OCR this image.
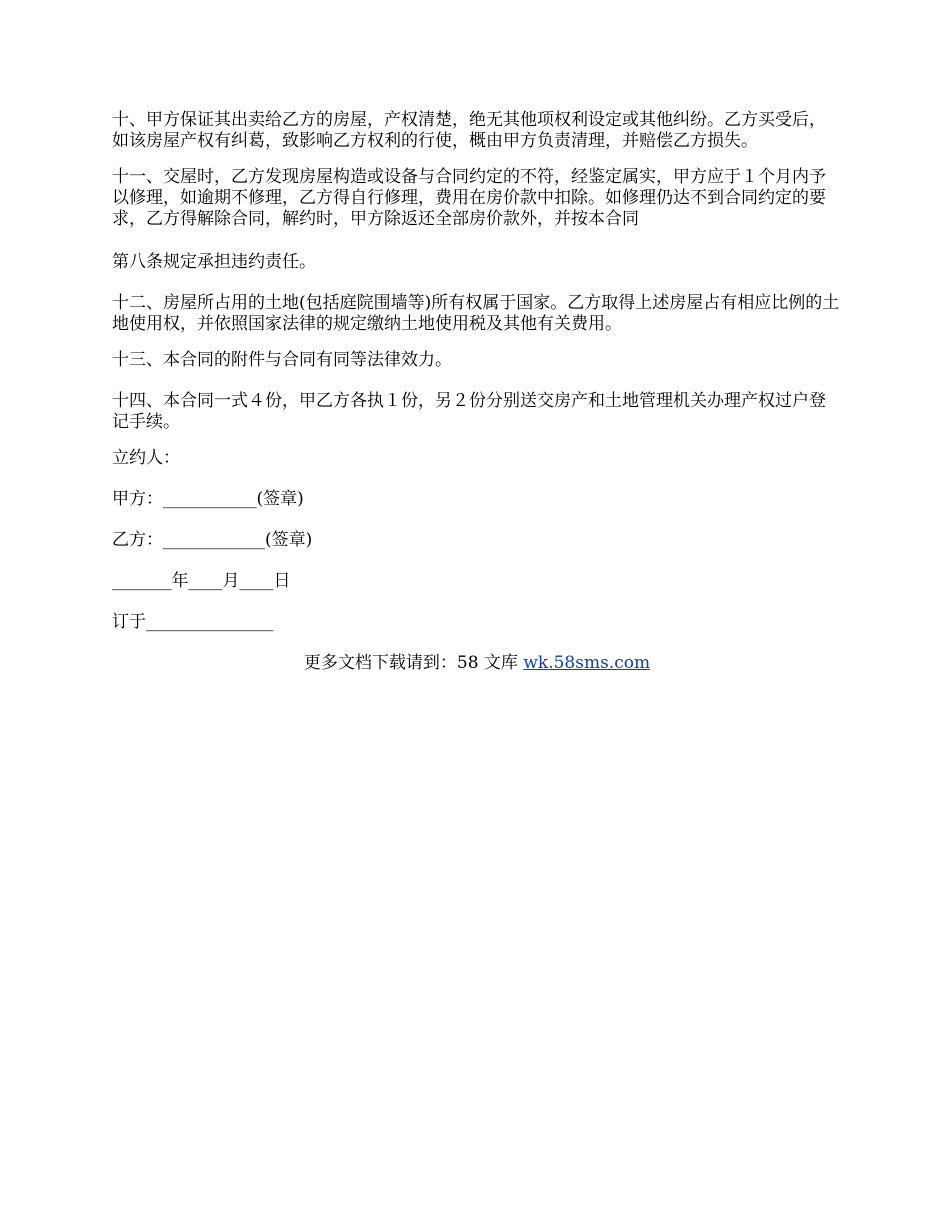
十、甲方保证其出卖给乙方的房屋，产权清楚，绝无其他项权利设定或其他纠纷。乙方买受后，如该房屋产权有纠葛，致影响乙方权利的行使，概由甲方负责清理，并赔偿乙方损失。

十一、交屋时，乙方发现房屋构造或设备与合同约定的不符，经鉴定属实，甲方应于１个月内予以修理，如逾期不修理，乙方得自行修理，费用在房价款中扣除。如修理仍达不到合同约定的要求，乙方得解除合同，解约时，甲方除返还全部房价款外，并按本合同

第八条规定承担违约责任。

十二、房屋所占用的土地(包括庭院围墙等)所有权属于国家。乙方取得上述房屋占有相应比例的土地使用权，并依照国家法律的规定缴纳土地使用税及其他有关费用。

十三、本合同的附件与合同有同等法律效力。

十四、本合同一式４份，甲乙方各执１份，另２份分别送交房产和土地管理机关办理产权过户登记手续。

立约人：

甲方：___________(签章)

乙方：____________(签章)

_______年____月____日

订于_______________

更多文档下载请到：58 文库 wk.58sms.com
